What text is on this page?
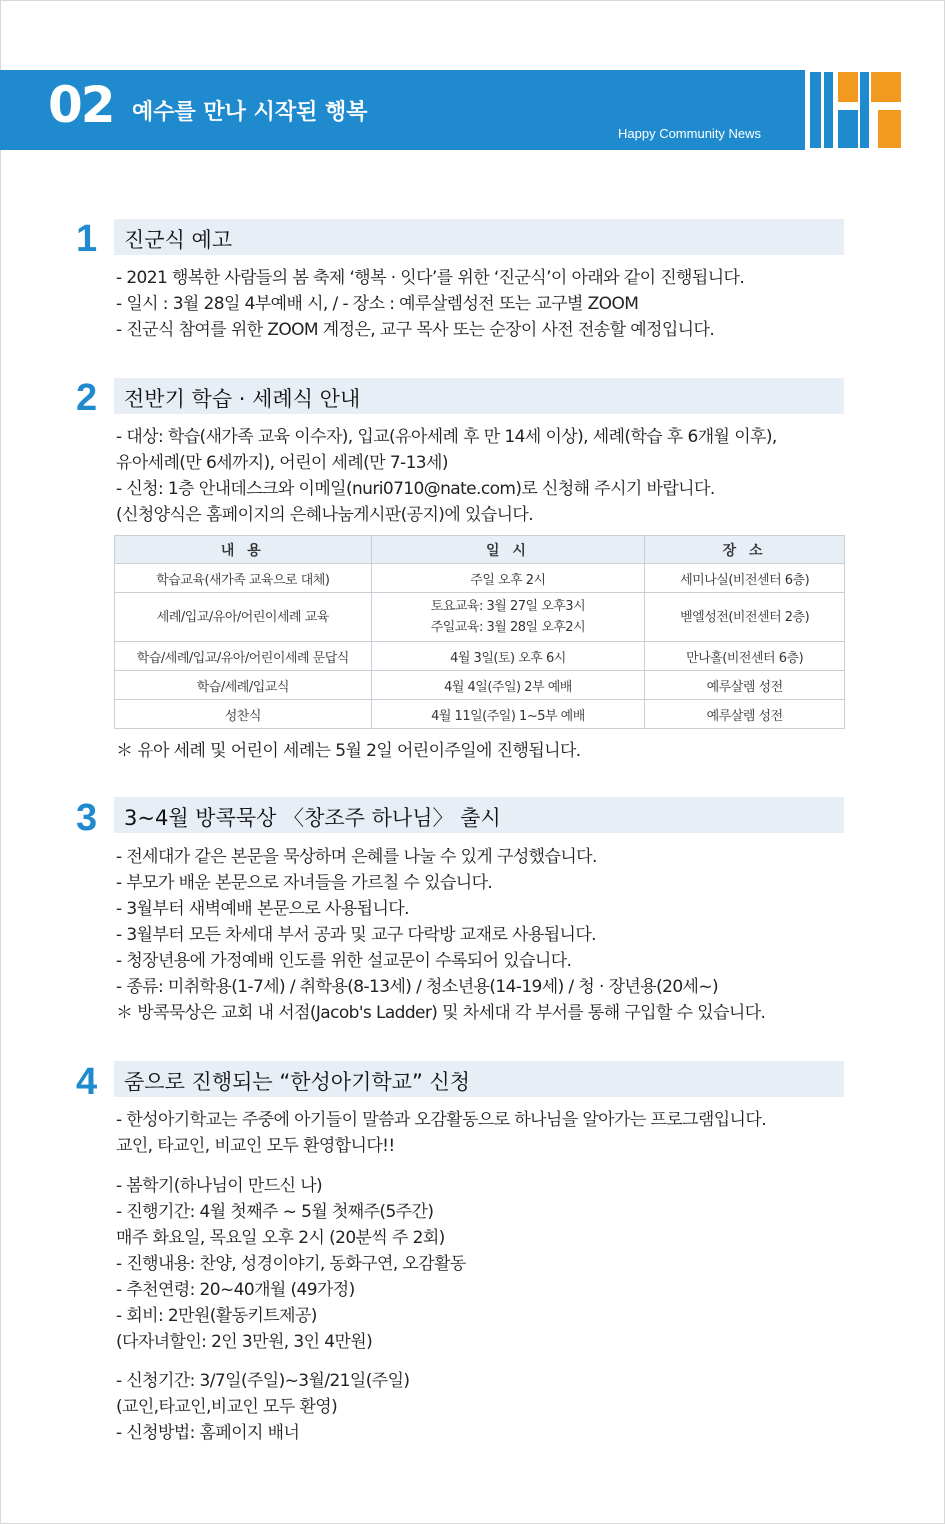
02 예수를 만나 시작된 행복
Happy Community News
1 진군식 예고
- 2021 행복한 사람들의 봄 축제 ‘행복 · 잇다’를 위한 ‘진군식’이 아래와 같이 진행됩니다.
- 일시 : 3월 28일 4부예배 시, / - 장소 : 예루살렘성전 또는 교구별 ZOOM
- 진군식 참여를 위한 ZOOM 계정은, 교구 목사 또는 순장이 사전 전송할 예정입니다.
2 전반기 학습 · 세례식 안내
- 대상: 학습(새가족 교육 이수자), 입교(유아세례 후 만 14세 이상), 세례(학습 후 6개월 이후),
유아세례(만 6세까지), 어린이 세례(만 7-13세)
- 신청: 1층 안내데스크와 이메일(nuri0710@nate.com)로 신청해 주시기 바랍니다.
(신청양식은 홈페이지의 은혜나눔게시판(공지)에 있습니다.
내 용	일 시	장 소
학습교육(새가족 교육으로 대체)	주일 오후 2시	세미나실(비전센터 6층)
세례/입교/유아/어린이세례 교육	토요교육: 3월 27일 오후3시
주일교육: 3월 28일 오후2시	벧엘성전(비전센터 2층)
학습/세례/입교/유아/어린이세례 문답식	4월 3일(토) 오후 6시	만나홀(비전센터 6층)
학습/세례/입교식	4월 4일(주일) 2부 예배	예루살렘 성전
성찬식	4월 11일(주일) 1~5부 예배	예루살렘 성전
＊ 유아 세례 및 어린이 세례는 5월 2일 어린이주일에 진행됩니다.
3 3~4월 방콕묵상 〈창조주 하나님〉 출시
- 전세대가 같은 본문을 묵상하며 은혜를 나눌 수 있게 구성했습니다.
- 부모가 배운 본문으로 자녀들을 가르칠 수 있습니다.
- 3월부터 새벽예배 본문으로 사용됩니다.
- 3월부터 모든 차세대 부서 공과 및 교구 다락방 교재로 사용됩니다.
- 청장년용에 가정예배 인도를 위한 설교문이 수록되어 있습니다.
- 종류: 미취학용(1-7세) / 취학용(8-13세) / 청소년용(14-19세) / 청 · 장년용(20세~)
＊ 방콕묵상은 교회 내 서점(Jacob's Ladder) 및 차세대 각 부서를 통해 구입할 수 있습니다.
4 줌으로 진행되는 “한성아기학교” 신청
- 한성아기학교는 주중에 아기들이 말씀과 오감활동으로 하나님을 알아가는 프로그램입니다.
교인, 타교인, 비교인 모두 환영합니다!!
- 봄학기(하나님이 만드신 나)
- 진행기간: 4월 첫째주 ~ 5월 첫째주(5주간)
매주 화요일, 목요일 오후 2시 (20분씩 주 2회)
- 진행내용: 찬양, 성경이야기, 동화구연, 오감활동
- 추천연령: 20~40개월 (49가정)
- 회비: 2만원(활동키트제공)
(다자녀할인: 2인 3만원, 3인 4만원)
- 신청기간: 3/7일(주일)~3월/21일(주일)
(교인,타교인,비교인 모두 환영)
- 신청방법: 홈페이지 배너
